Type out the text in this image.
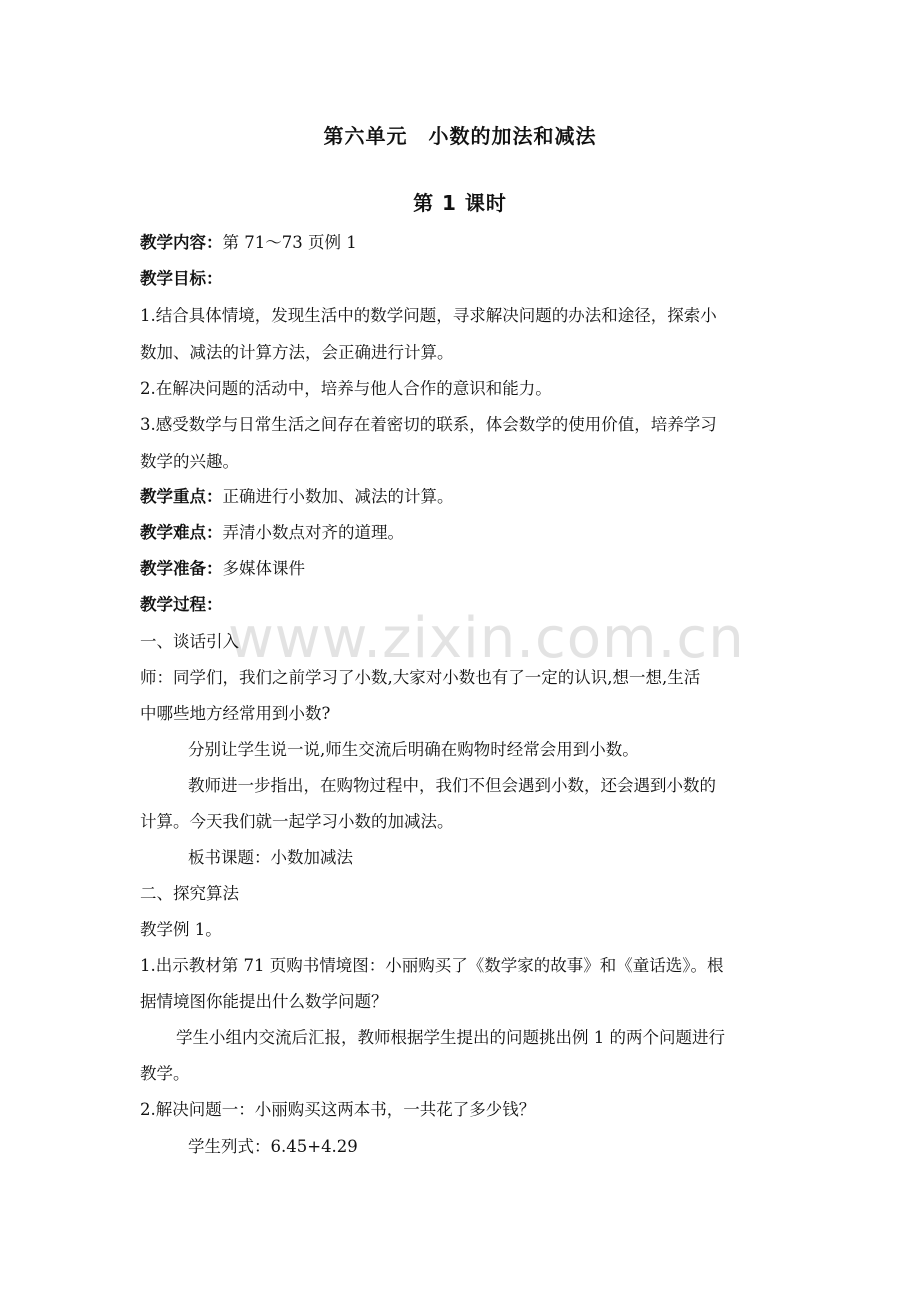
第六单元　小数的加法和减法
第 1 课时
教学内容：第 71～73 页例 1
教学目标：
1.结合具体情境，发现生活中的数学问题，寻求解决问题的办法和途径，探索小
数加、减法的计算方法，会正确进行计算。
2.在解决问题的活动中，培养与他人合作的意识和能力。
3.感受数学与日常生活之间存在着密切的联系，体会数学的使用价值，培养学习
数学的兴趣。
教学重点：正确进行小数加、减法的计算。
教学难点：弄清小数点对齐的道理。
教学准备：多媒体课件
教学过程：
www.zixin.com.cn
一、谈话引入
师：同学们，我们之前学习了小数,大家对小数也有了一定的认识,想一想,生活
中哪些地方经常用到小数?
分别让学生说一说,师生交流后明确在购物时经常会用到小数。
教师进一步指出，在购物过程中，我们不但会遇到小数，还会遇到小数的
计算。今天我们就一起学习小数的加减法。
板书课题：小数加减法
二、探究算法
教学例 1。
1.出示教材第 71 页购书情境图：小丽购买了《数学家的故事》和《童话选》。根
据情境图你能提出什么数学问题？
学生小组内交流后汇报，教师根据学生提出的问题挑出例 1 的两个问题进行
教学。
2.解决问题一：小丽购买这两本书，一共花了多少钱？
学生列式：6.45+4.29
